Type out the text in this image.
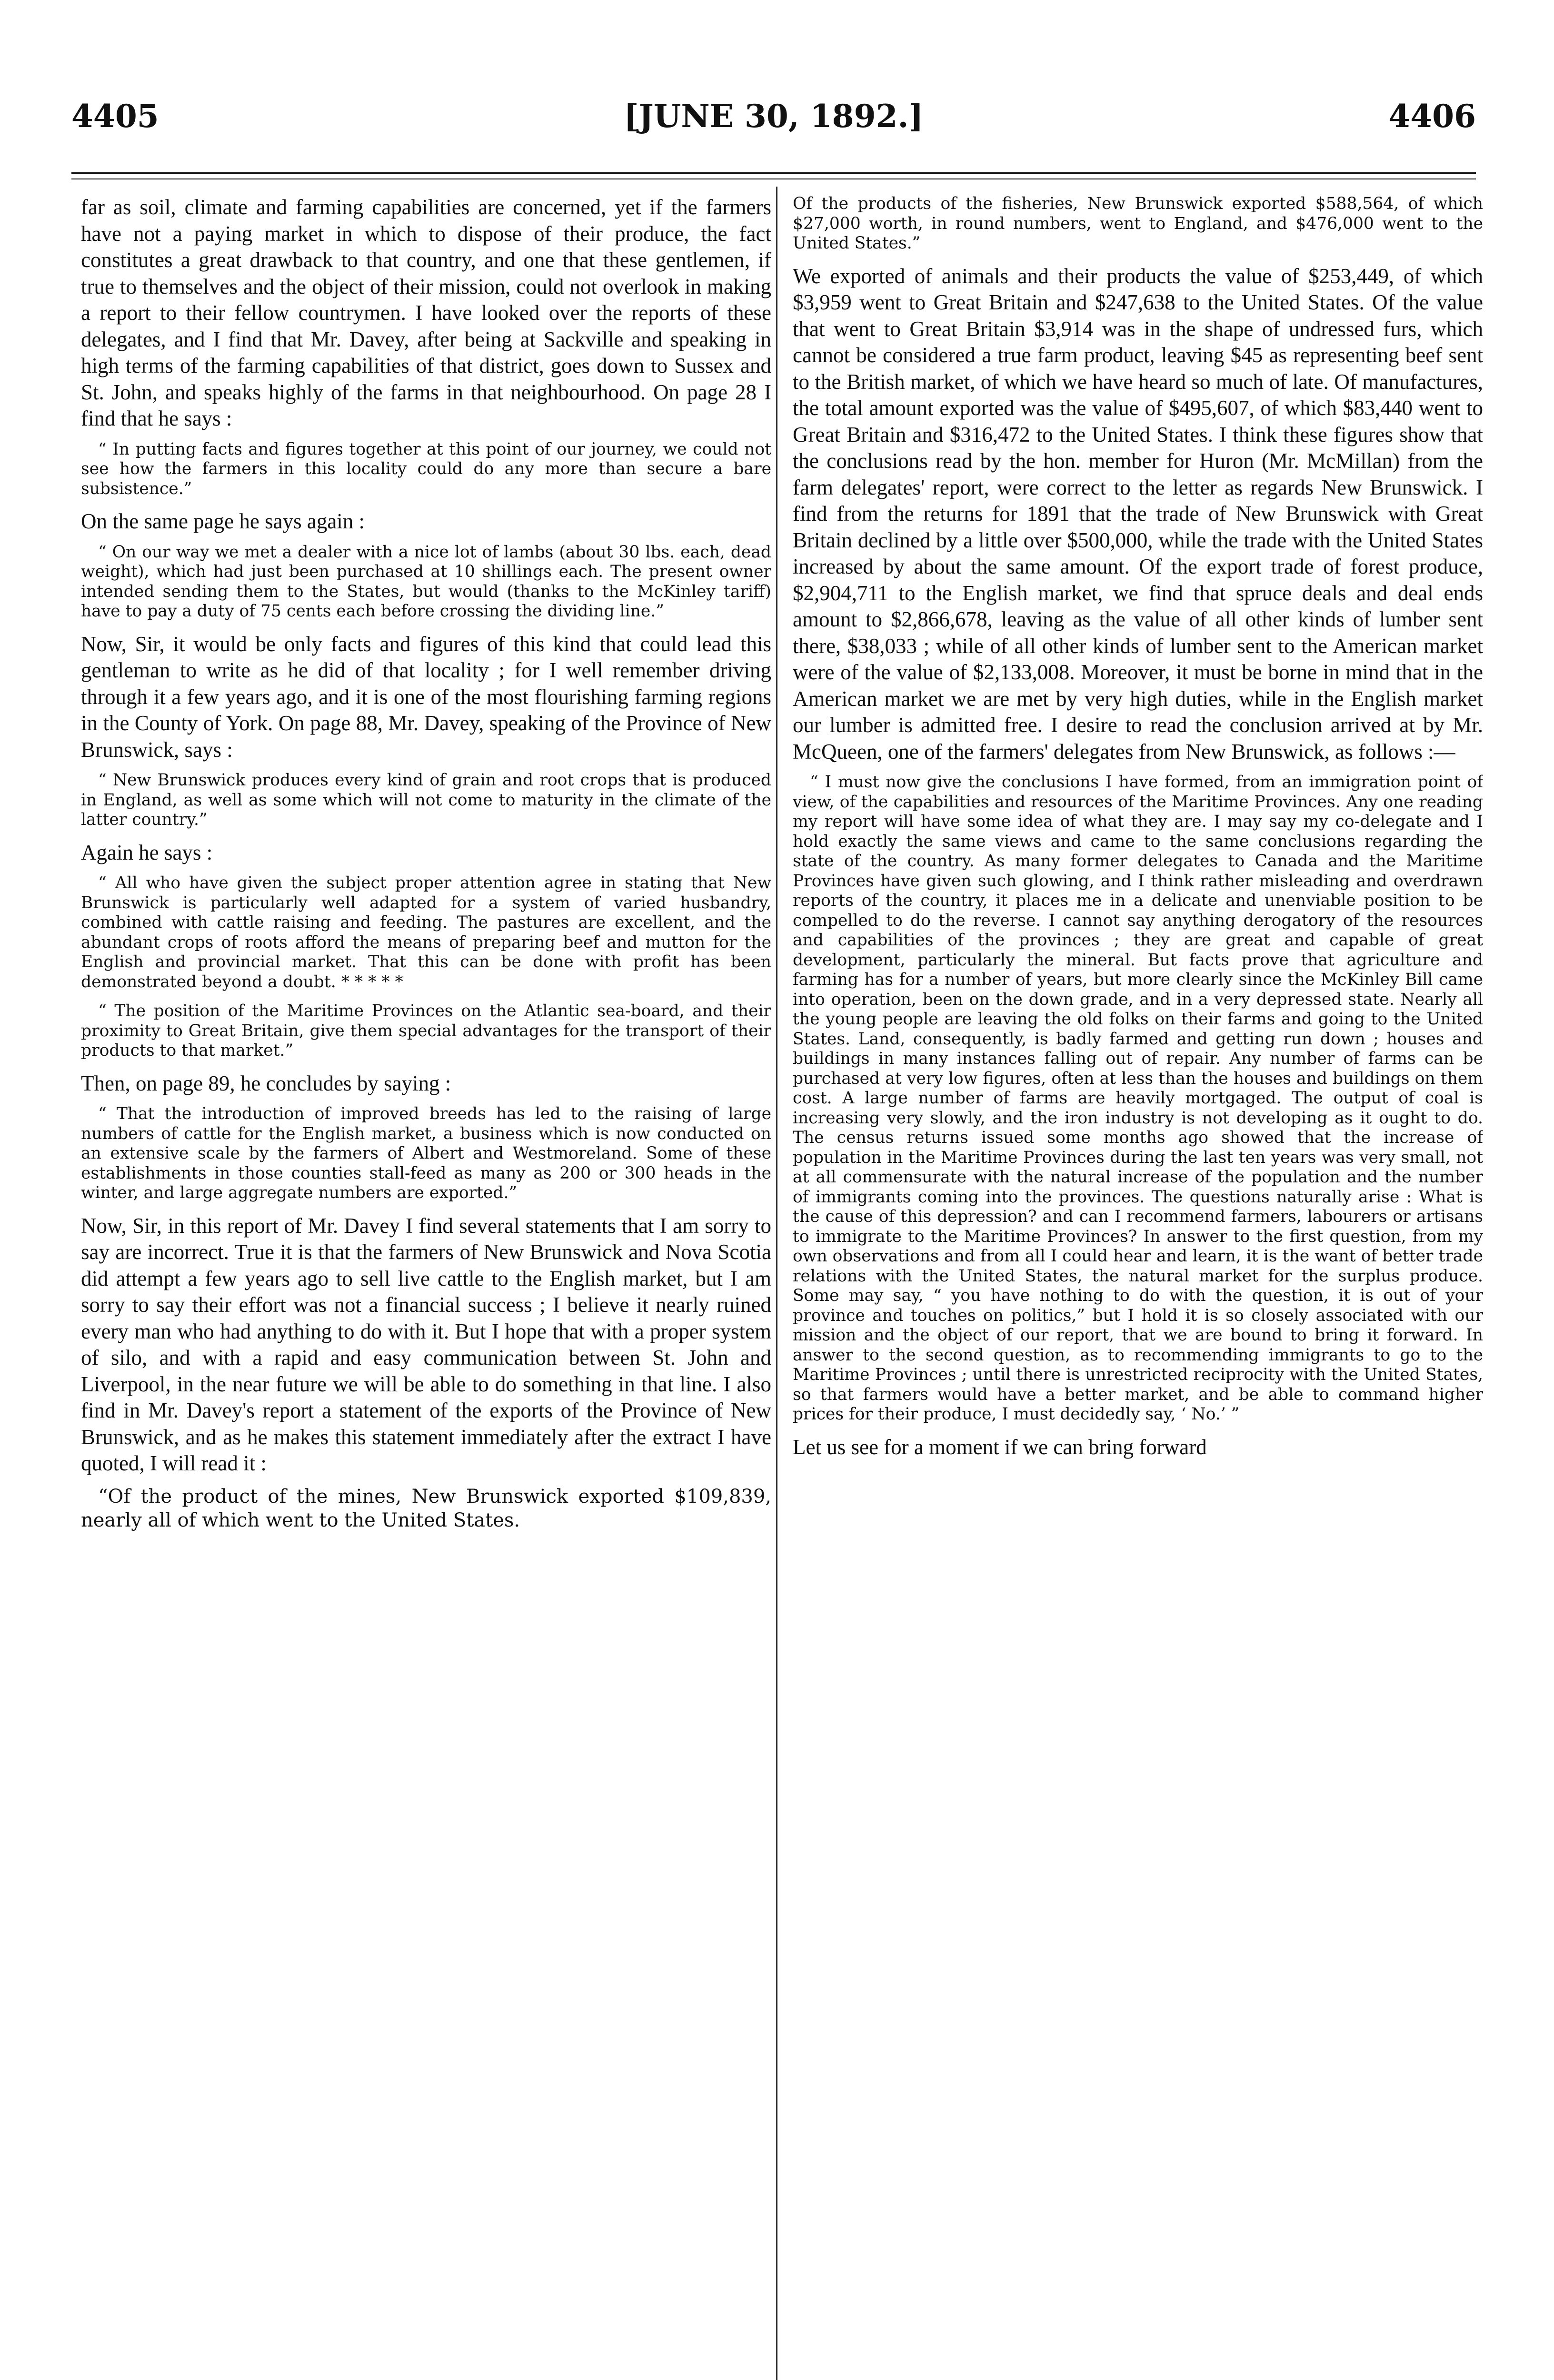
4405	[JUNE 30, 1892.]	4406

far as soil, climate and farming capabilities are concerned, yet if the farmers have not a paying market in which to dispose of their produce, the fact constitutes a great drawback to that country, and one that these gentlemen, if true to themselves and the object of their mission, could not overlook in making a report to their fellow countrymen. I have looked over the reports of these delegates, and I find that Mr. Davey, after being at Sackville and speaking in high terms of the farming capabilities of that district, goes down to Sussex and St. John, and speaks highly of the farms in that neighbourhood. On page 28 I find that he says :

“ In putting facts and figures together at this point of our journey, we could not see how the farmers in this locality could do any more than secure a bare subsistence.”

On the same page he says again :

“ On our way we met a dealer with a nice lot of lambs (about 30 lbs. each, dead weight), which had just been purchased at 10 shillings each. The present owner intended sending them to the States, but would (thanks to the McKinley tariff) have to pay a duty of 75 cents each before crossing the dividing line.”

Now, Sir, it would be only facts and figures of this kind that could lead this gentleman to write as he did of that locality ; for I well remember driving through it a few years ago, and it is one of the most flourishing farming regions in the County of York. On page 88, Mr. Davey, speaking of the Province of New Brunswick, says :

“ New Brunswick produces every kind of grain and root crops that is produced in England, as well as some which will not come to maturity in the climate of the latter country.”

Again he says :

“ All who have given the subject proper attention agree in stating that New Brunswick is particularly well adapted for a system of varied husbandry, combined with cattle raising and feeding. The pastures are excellent, and the abundant crops of roots afford the means of preparing beef and mutton for the English and provincial market. That this can be done with profit has been demonstrated beyond a doubt. * * * * *

“ The position of the Maritime Provinces on the Atlantic sea-board, and their proximity to Great Britain, give them special advantages for the transport of their products to that market.”

Then, on page 89, he concludes by saying :

“ That the introduction of improved breeds has led to the raising of large numbers of cattle for the English market, a business which is now conducted on an extensive scale by the farmers of Albert and Westmoreland. Some of these establishments in those counties stall-feed as many as 200 or 300 heads in the winter, and large aggregate numbers are exported.”

Now, Sir, in this report of Mr. Davey I find several statements that I am sorry to say are incorrect. True it is that the farmers of New Brunswick and Nova Scotia did attempt a few years ago to sell live cattle to the English market, but I am sorry to say their effort was not a financial success ; I believe it nearly ruined every man who had anything to do with it. But I hope that with a proper system of silo, and with a rapid and easy communication between St. John and Liverpool, in the near future we will be able to do something in that line. I also find in Mr. Davey's report a statement of the exports of the Province of New Brunswick, and as he makes this statement immediately after the extract I have quoted, I will read it :

“Of the product of the mines, New Brunswick exported $109,839, nearly all of which went to the United States.

Of the products of the fisheries, New Brunswick exported $588,564, of which $27,000 worth, in round numbers, went to England, and $476,000 went to the United States.”

We exported of animals and their products the value of $253,449, of which $3,959 went to Great Britain and $247,638 to the United States. Of the value that went to Great Britain $3,914 was in the shape of undressed furs, which cannot be considered a true farm product, leaving $45 as representing beef sent to the British market, of which we have heard so much of late. Of manufactures, the total amount exported was the value of $495,607, of which $83,440 went to Great Britain and $316,472 to the United States. I think these figures show that the conclusions read by the hon. member for Huron (Mr. McMillan) from the farm delegates' report, were correct to the letter as regards New Brunswick. I find from the returns for 1891 that the trade of New Brunswick with Great Britain declined by a little over $500,000, while the trade with the United States increased by about the same amount. Of the export trade of forest produce, $2,904,711 to the English market, we find that spruce deals and deal ends amount to $2,866,678, leaving as the value of all other kinds of lumber sent there, $38,033 ; while of all other kinds of lumber sent to the American market were of the value of $2,133,008. Moreover, it must be borne in mind that in the American market we are met by very high duties, while in the English market our lumber is admitted free. I desire to read the conclusion arrived at by Mr. McQueen, one of the farmers' delegates from New Brunswick, as follows :—

“ I must now give the conclusions I have formed, from an immigration point of view, of the capabilities and resources of the Maritime Provinces. Any one reading my report will have some idea of what they are. I may say my co-delegate and I hold exactly the same views and came to the same conclusions regarding the state of the country. As many former delegates to Canada and the Maritime Provinces have given such glowing, and I think rather misleading and overdrawn reports of the country, it places me in a delicate and unenviable position to be compelled to do the reverse. I cannot say anything derogatory of the resources and capabilities of the provinces ; they are great and capable of great development, particularly the mineral. But facts prove that agriculture and farming has for a number of years, but more clearly since the McKinley Bill came into operation, been on the down grade, and in a very depressed state. Nearly all the young people are leaving the old folks on their farms and going to the United States. Land, consequently, is badly farmed and getting run down ; houses and buildings in many instances falling out of repair. Any number of farms can be purchased at very low figures, often at less than the houses and buildings on them cost. A large number of farms are heavily mortgaged. The output of coal is increasing very slowly, and the iron industry is not developing as it ought to do. The census returns issued some months ago showed that the increase of population in the Maritime Provinces during the last ten years was very small, not at all commensurate with the natural increase of the population and the number of immigrants coming into the provinces. The questions naturally arise : What is the cause of this depression? and can I recommend farmers, labourers or artisans to immigrate to the Maritime Provinces? In answer to the first question, from my own observations and from all I could hear and learn, it is the want of better trade relations with the United States, the natural market for the surplus produce. Some may say, “ you have nothing to do with the question, it is out of your province and touches on politics,” but I hold it is so closely associated with our mission and the object of our report, that we are bound to bring it forward. In answer to the second question, as to recommending immigrants to go to the Maritime Provinces ; until there is unrestricted reciprocity with the United States, so that farmers would have a better market, and be able to command higher prices for their produce, I must decidedly say, ‘ No.’ ”

Let us see for a moment if we can bring forward
